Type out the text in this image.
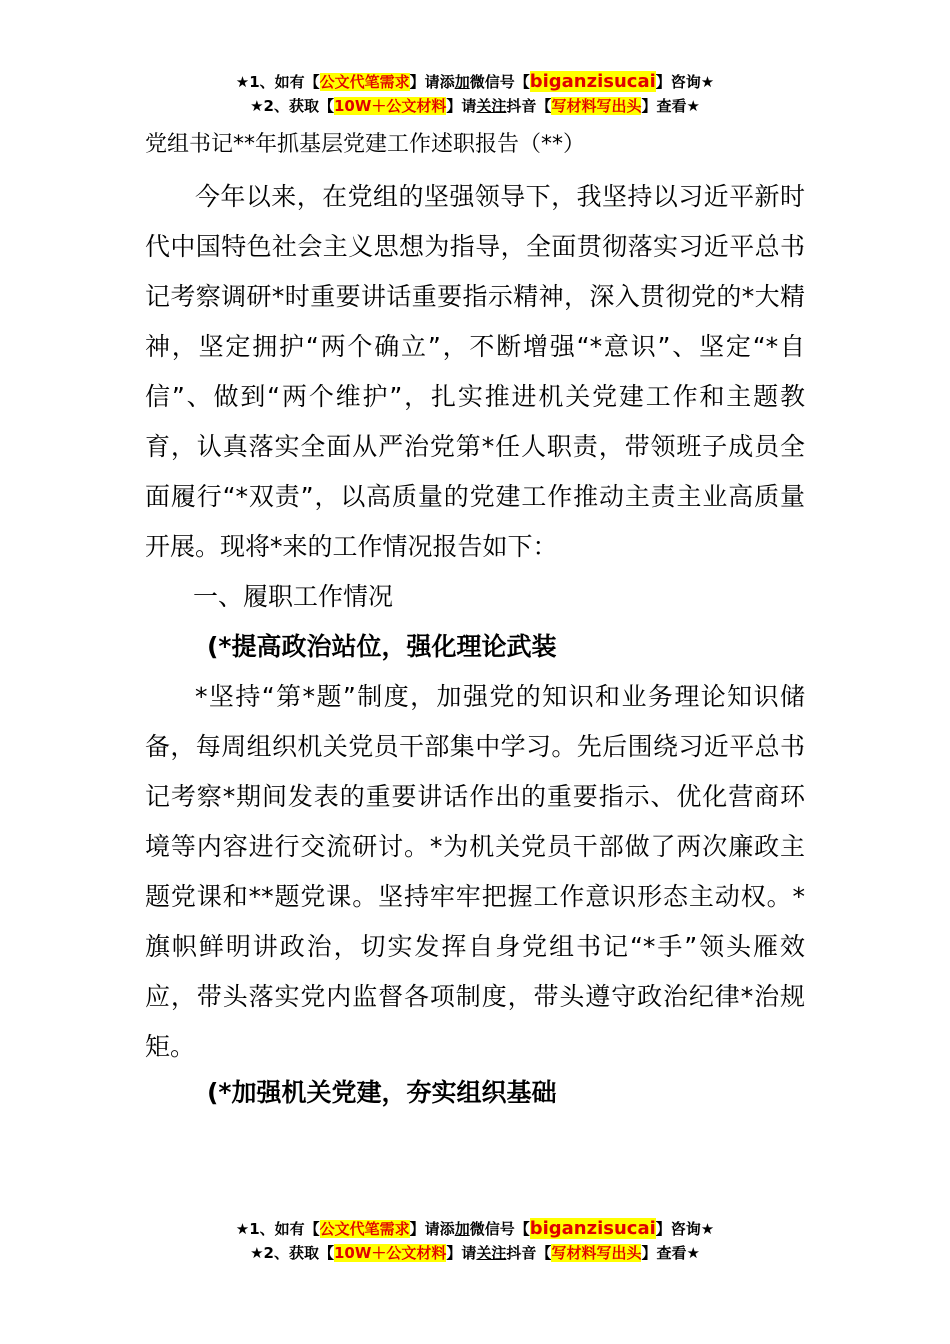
★1、如有【公文代笔需求】请添加微信号【biganzisucai】咨询★
★2、获取【10W＋公文材料】请关注抖音【写材料写出头】查看★
党组书记**年抓基层党建工作述职报告（**）

今年以来，在党组的坚强领导下，我坚持以习近平新时代中国特色社会主义思想为指导，全面贯彻落实习近平总书记考察调研*时重要讲话重要指示精神，深入贯彻党的*大精神，坚定拥护“两个确立”，不断增强“*意识”、坚定“*自信”、做到“两个维护”，扎实推进机关党建工作和主题教育，认真落实全面从严治党第*任人职责，带领班子成员全面履行“*双责”，以高质量的党建工作推动主责主业高质量开展。现将*来的工作情况报告如下：

一、履职工作情况

(*提高政治站位，强化理论武装

*坚持“第*题”制度，加强党的知识和业务理论知识储备，每周组织机关党员干部集中学习。先后围绕习近平总书记考察*期间发表的重要讲话作出的重要指示、优化营商环境等内容进行交流研讨。*为机关党员干部做了两次廉政主题党课和**题党课。坚持牢牢把握工作意识形态主动权。*旗帜鲜明讲政治，切实发挥自身党组书记“*手”领头雁效应，带头落实党内监督各项制度，带头遵守政治纪律*治规矩。

(*加强机关党建，夯实组织基础

★1、如有【公文代笔需求】请添加微信号【biganzisucai】咨询★
★2、获取【10W＋公文材料】请关注抖音【写材料写出头】查看★
